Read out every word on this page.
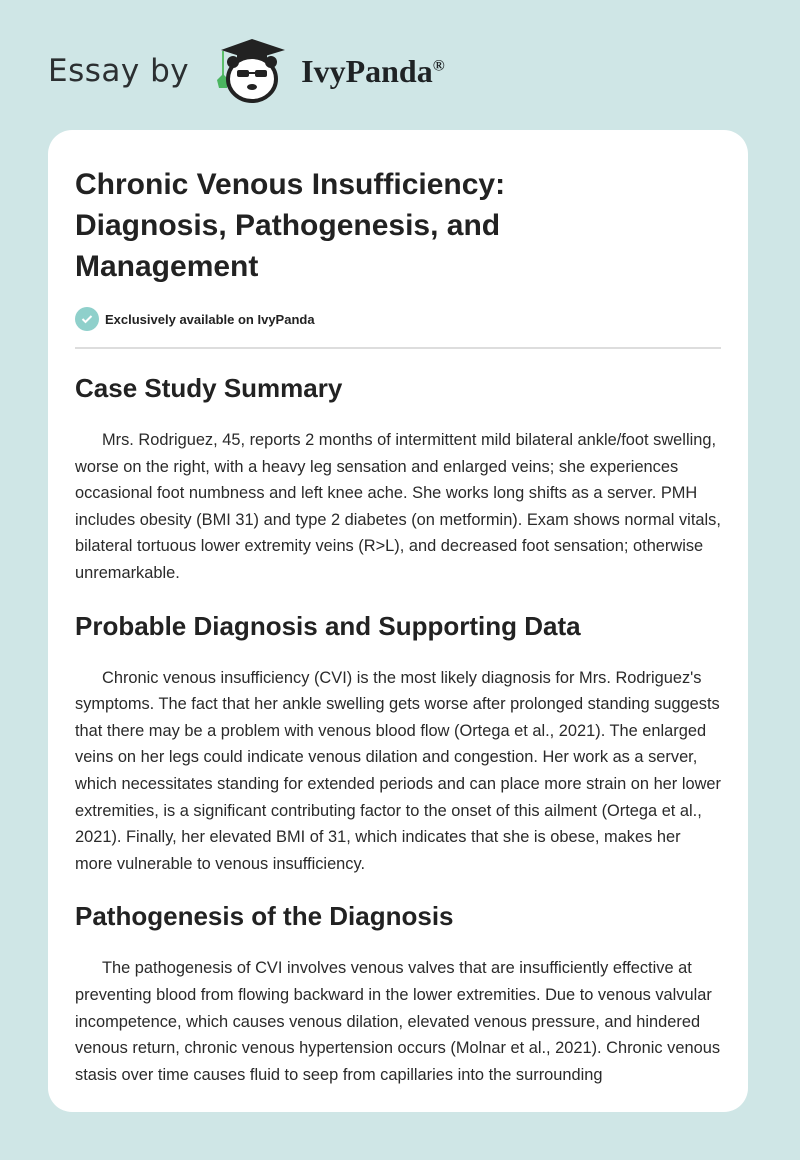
Essay by	IvyPanda®
Chronic Venous Insufficiency: Diagnosis, Pathogenesis, and Management
Exclusively available on IvyPanda
Case Study Summary

Mrs. Rodriguez, 45, reports 2 months of intermittent mild bilateral ankle/foot swelling, worse on the right, with a heavy leg sensation and enlarged veins; she experiences occasional foot numbness and left knee ache. She works long shifts as a server. PMH includes obesity (BMI 31) and type 2 diabetes (on metformin). Exam shows normal vitals, bilateral tortuous lower extremity veins (R>L), and decreased foot sensation; otherwise unremarkable.

Probable Diagnosis and Supporting Data

Chronic venous insufficiency (CVI) is the most likely diagnosis for Mrs. Rodriguez's symptoms. The fact that her ankle swelling gets worse after prolonged standing suggests that there may be a problem with venous blood flow (Ortega et al., 2021). The enlarged veins on her legs could indicate venous dilation and congestion. Her work as a server, which necessitates standing for extended periods and can place more strain on her lower extremities, is a significant contributing factor to the onset of this ailment (Ortega et al., 2021). Finally, her elevated BMI of 31, which indicates that she is obese, makes her more vulnerable to venous insufficiency.

Pathogenesis of the Diagnosis

The pathogenesis of CVI involves venous valves that are insufficiently effective at preventing blood from flowing backward in the lower extremities. Due to venous valvular incompetence, which causes venous dilation, elevated venous pressure, and hindered venous return, chronic venous hypertension occurs (Molnar et al., 2021). Chronic venous stasis over time causes fluid to seep from capillaries into the surrounding
